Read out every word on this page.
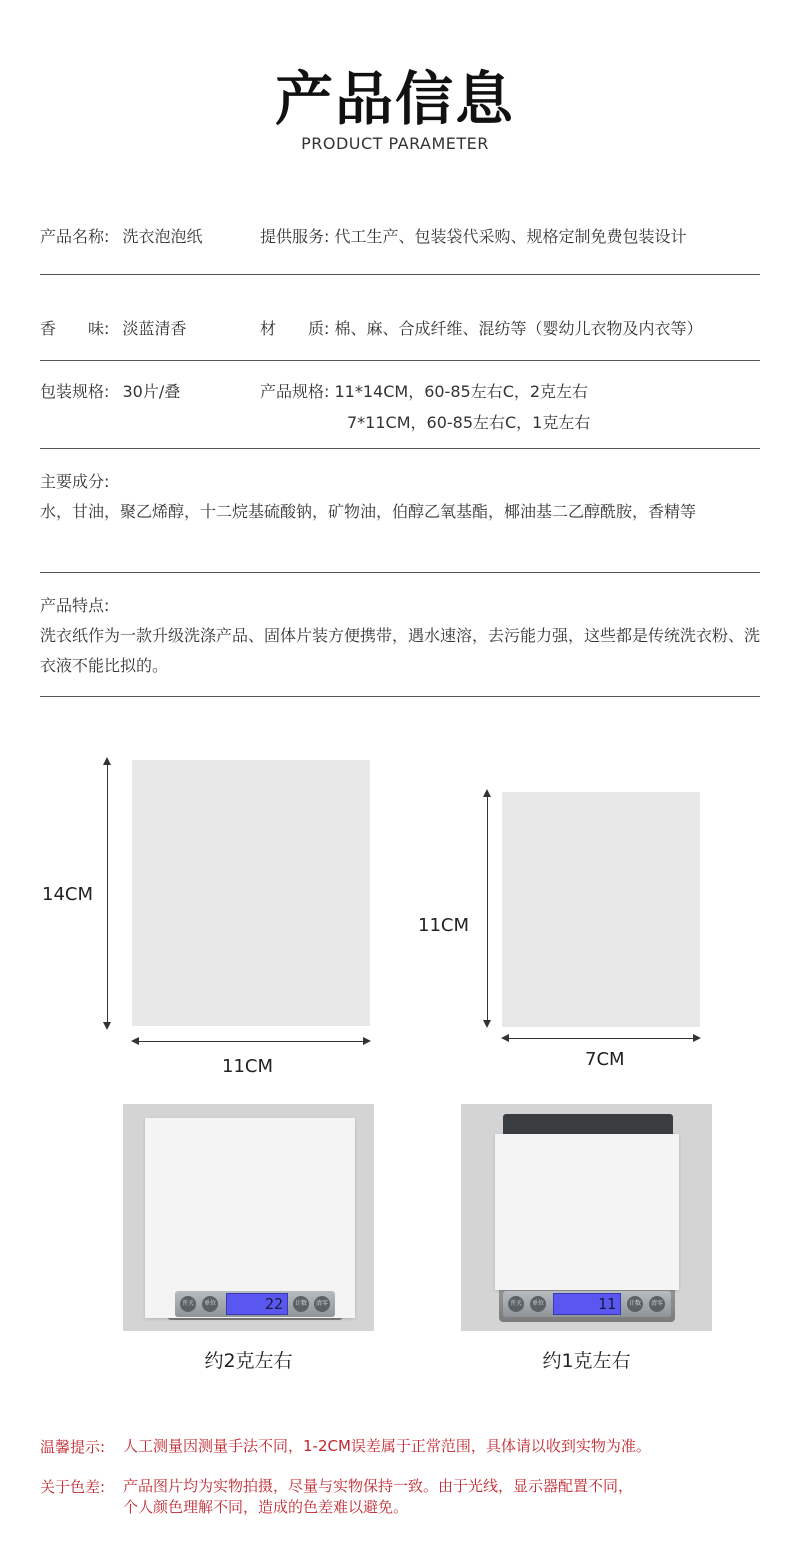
产品信息
PRODUCT PARAMETER
产品名称: 洗衣泡泡纸	提供服务: 代工生产、包装袋代采购、规格定制免费包装设计
香　　味: 淡蓝清香	材　　质: 棉、麻、合成纤维、混纺等（婴幼儿衣物及内衣等）
包装规格: 30片/叠	产品规格: 11*14CM，60-85左右C，2克左右
7*11CM，60-85左右C，1克左右
主要成分:
水，甘油，聚乙烯醇，十二烷基硫酸钠，矿物油，伯醇乙氧基酯，椰油基二乙醇酰胺，香精等
产品特点:
洗衣纸作为一款升级洗涤产品、固体片装方便携带，遇水速溶，去污能力强，这些都是传统洗衣粉、洗衣液不能比拟的。
14CM
11CM
11CM
7CM
开关	单位	22	计数	清零
约2克左右
开关	单位	11	计数	清零
约1克左右
温馨提示: 人工测量因测量手法不同，1-2CM误差属于正常范围，具体请以收到实物为准。
关于色差: 产品图片均为实物拍摄，尽量与实物保持一致。由于光线，显示器配置不同，
个人颜色理解不同，造成的色差难以避免。
